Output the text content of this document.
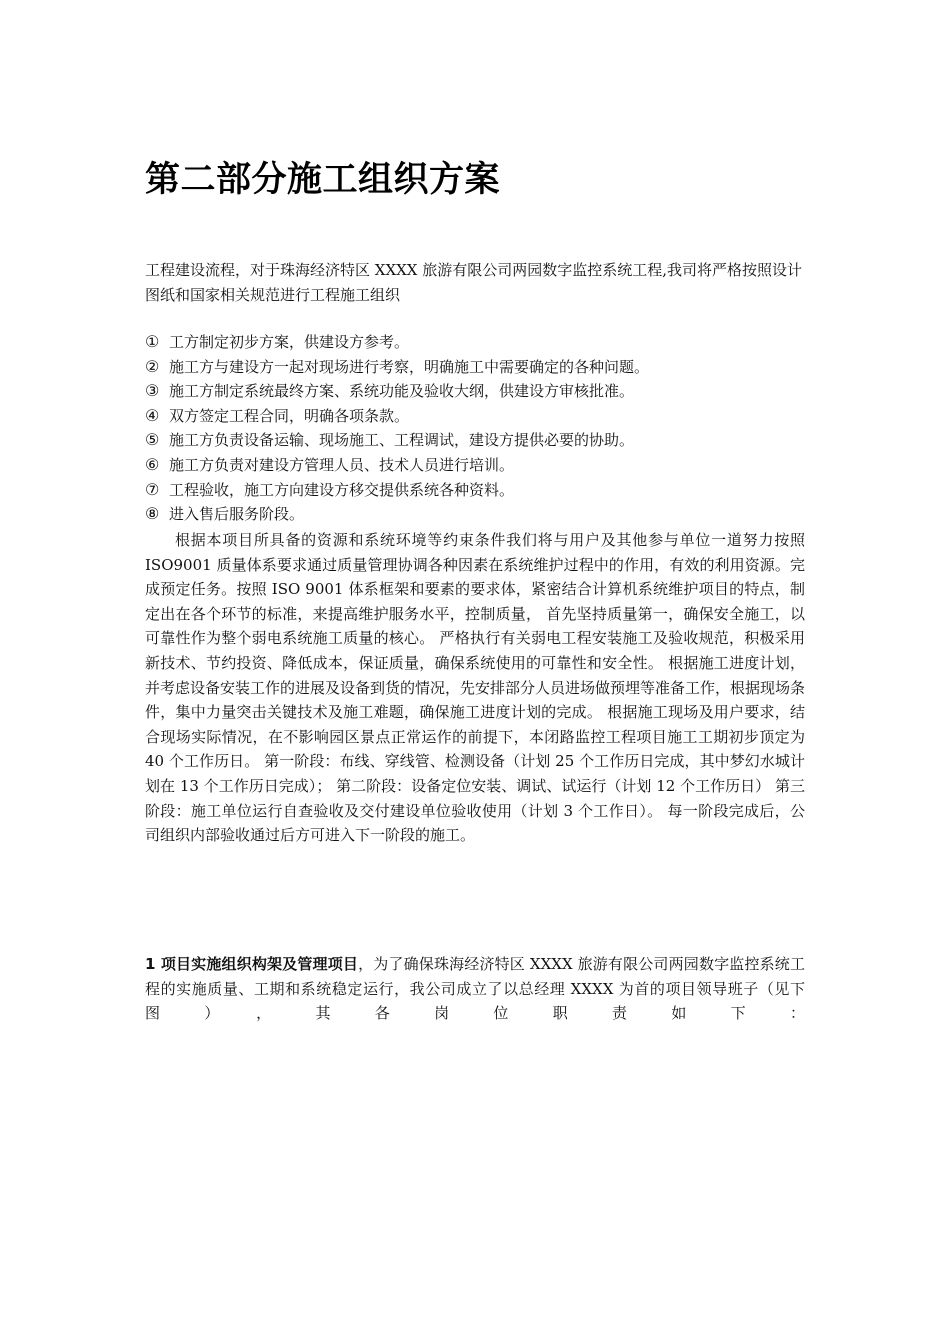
第二部分施工组织方案

工程建设流程，对于珠海经济特区 XXXX 旅游有限公司两园数字监控系统工程,我司将严格按照设计图纸和国家相关规范进行工程施工组织

① 工方制定初步方案，供建设方参考。
② 施工方与建设方一起对现场进行考察，明确施工中需要确定的各种问题。
③ 施工方制定系统最终方案、系统功能及验收大纲，供建设方审核批准。
④ 双方签定工程合同，明确各项条款。
⑤ 施工方负责设备运输、现场施工、工程调试，建设方提供必要的协助。
⑥ 施工方负责对建设方管理人员、技术人员进行培训。
⑦ 工程验收，施工方向建设方移交提供系统各种资料。
⑧ 进入售后服务阶段。

根据本项目所具备的资源和系统环境等约束条件我们将与用户及其他参与单位一道努力按照 ISO9001 质量体系要求通过质量管理协调各种因素在系统维护过程中的作用，有效的利用资源。完成预定任务。按照 ISO 9001 体系框架和要素的要求体，紧密结合计算机系统维护项目的特点，制定出在各个环节的标准，来提高维护服务水平，控制质量， 首先坚持质量第一，确保安全施工，以可靠性作为整个弱电系统施工质量的核心。 严格执行有关弱电工程安装施工及验收规范，积极采用新技术、节约投资、降低成本，保证质量，确保系统使用的可靠性和安全性。 根据施工进度计划，并考虑设备安装工作的进展及设备到货的情况，先安排部分人员进场做预埋等准备工作，根据现场条件，集中力量突击关键技术及施工难题，确保施工进度计划的完成。 根据施工现场及用户要求，结合现场实际情况，在不影响园区景点正常运作的前提下，本闭路监控工程项目施工工期初步顶定为 40 个工作历日。 第一阶段：布线、穿线管、检测设备（计划 25 个工作历日完成，其中梦幻水城计划在 13 个工作历日完成）； 第二阶段：设备定位安装、调试、试运行（计划 12 个工作历日） 第三阶段：施工单位运行自查验收及交付建设单位验收使用（计划 3 个工作日）。 每一阶段完成后，公司组织内部验收通过后方可进入下一阶段的施工。

1 项目实施组织构架及管理项目，为了确保珠海经济特区 XXXX 旅游有限公司两园数字监控系统工程的实施质量、工期和系统稳定运行，我公司成立了以总经理 XXXX 为首的项目领导班子（见下图），其各岗位职责如下：
